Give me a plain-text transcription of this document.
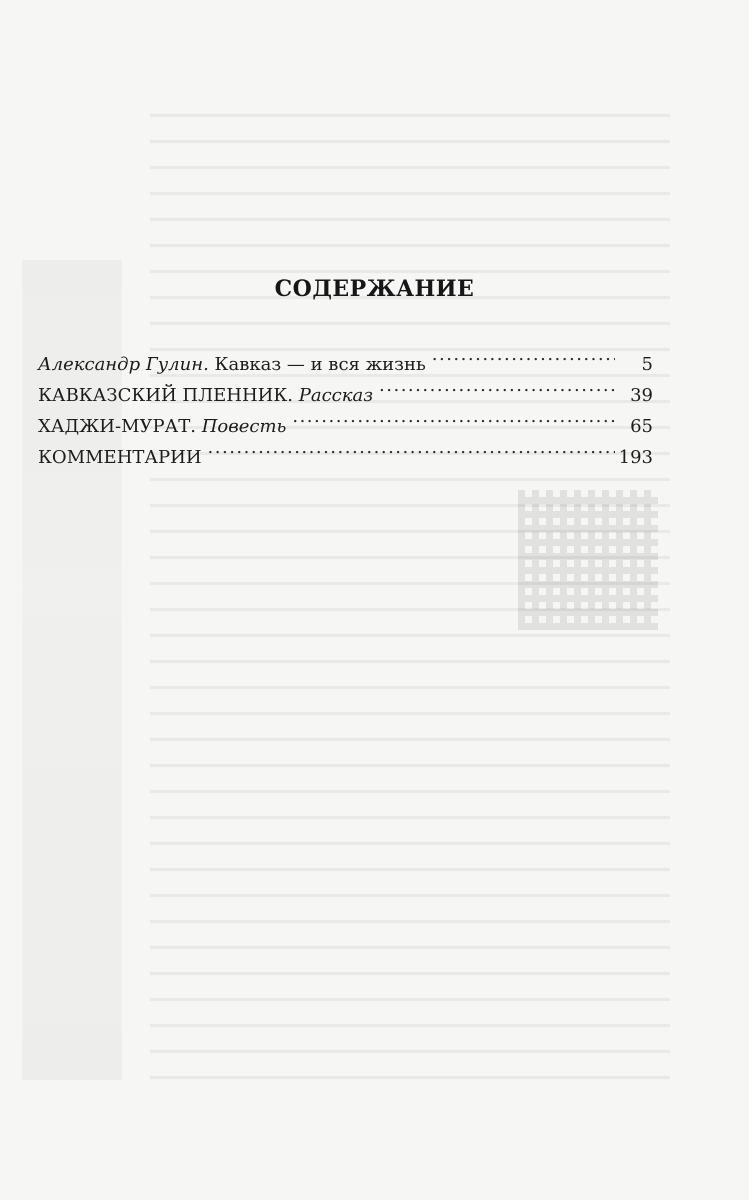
СОДЕРЖАНИЕ
Александр Гулин. Кавказ — и вся жизнь .....	5
КАВКАЗСКИЙ ПЛЕННИК. Рассказ .....	39
ХАДЖИ-МУРАТ. Повесть .....	65
КОММЕНТАРИИ .....	193
